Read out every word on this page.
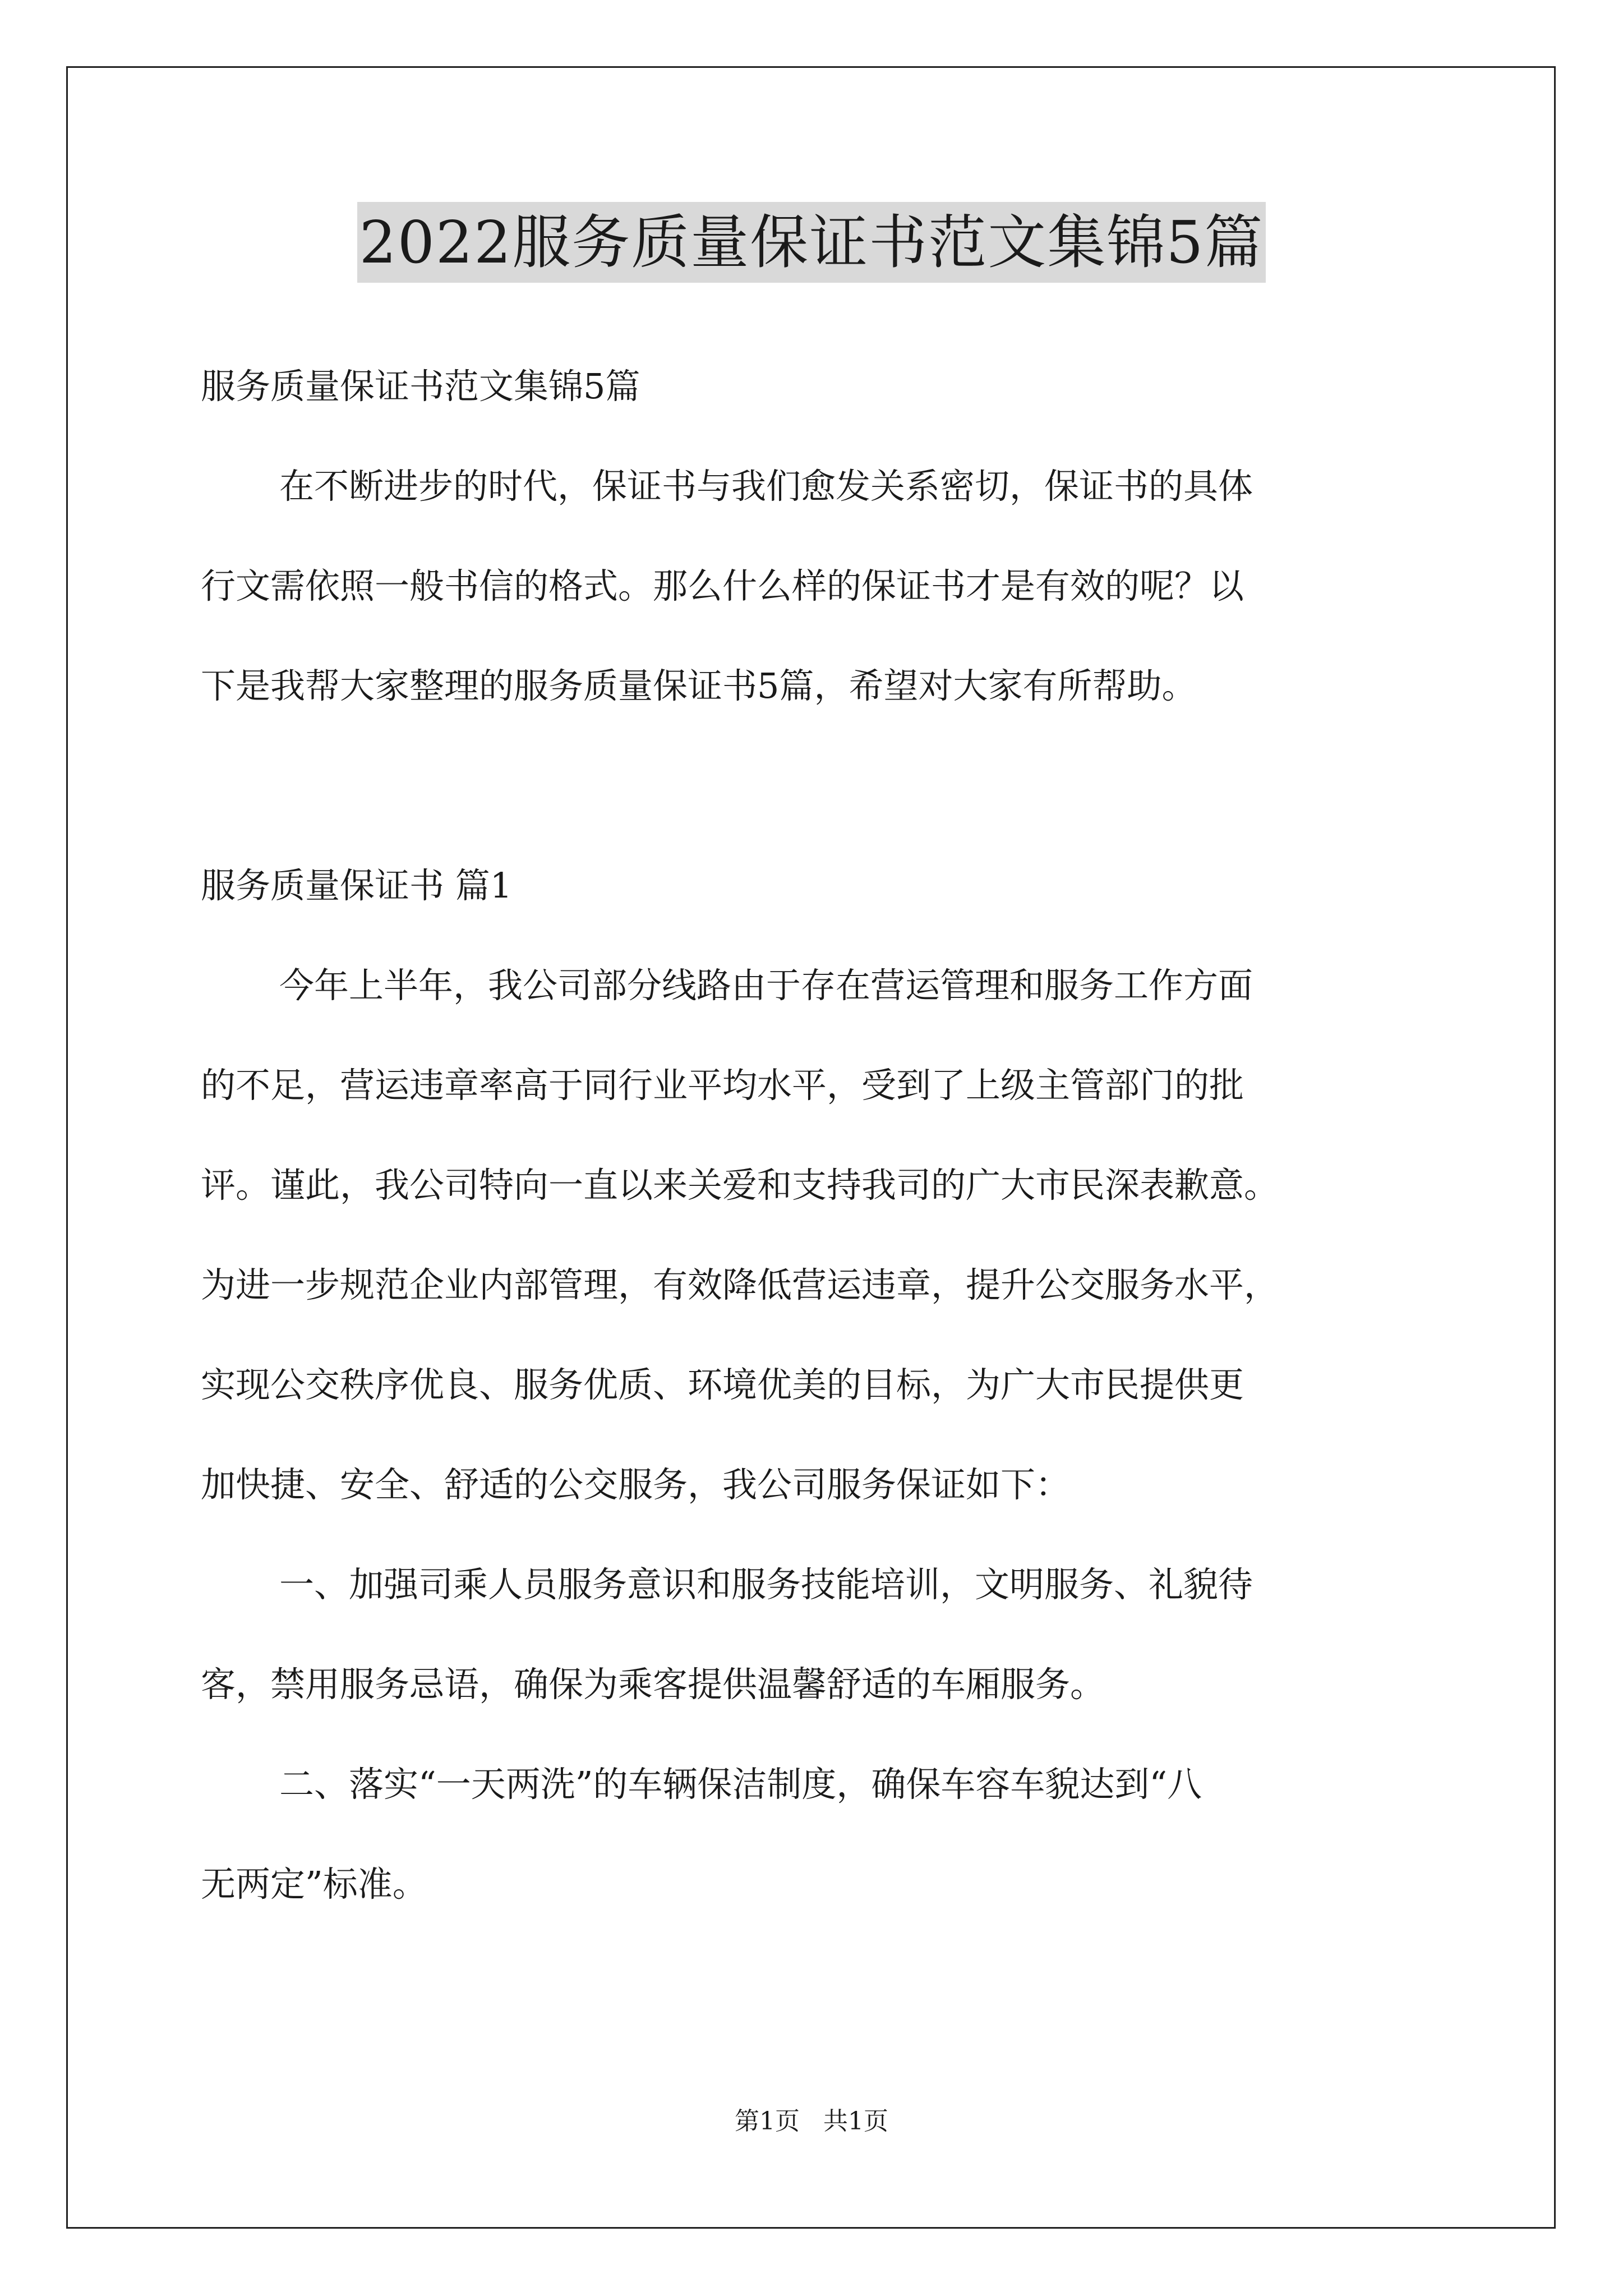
2022服务质量保证书范文集锦5篇

服务质量保证书范文集锦5篇

在不断进步的时代，保证书与我们愈发关系密切，保证书的具体

行文需依照一般书信的格式。那么什么样的保证书才是有效的呢？以

下是我帮大家整理的服务质量保证书5篇，希望对大家有所帮助。

服务质量保证书 篇1

今年上半年，我公司部分线路由于存在营运管理和服务工作方面

的不足，营运违章率高于同行业平均水平，受到了上级主管部门的批

评。谨此，我公司特向一直以来关爱和支持我司的广大市民深表歉意。

为进一步规范企业内部管理，有效降低营运违章，提升公交服务水平，

实现公交秩序优良、服务优质、环境优美的目标，为广大市民提供更

加快捷、安全、舒适的公交服务，我公司服务保证如下：

一、加强司乘人员服务意识和服务技能培训，文明服务、礼貌待

客，禁用服务忌语，确保为乘客提供温馨舒适的车厢服务。

二、落实“一天两洗”的车辆保洁制度，确保车容车貌达到“八

无两定”标准。

第1页   共1页
